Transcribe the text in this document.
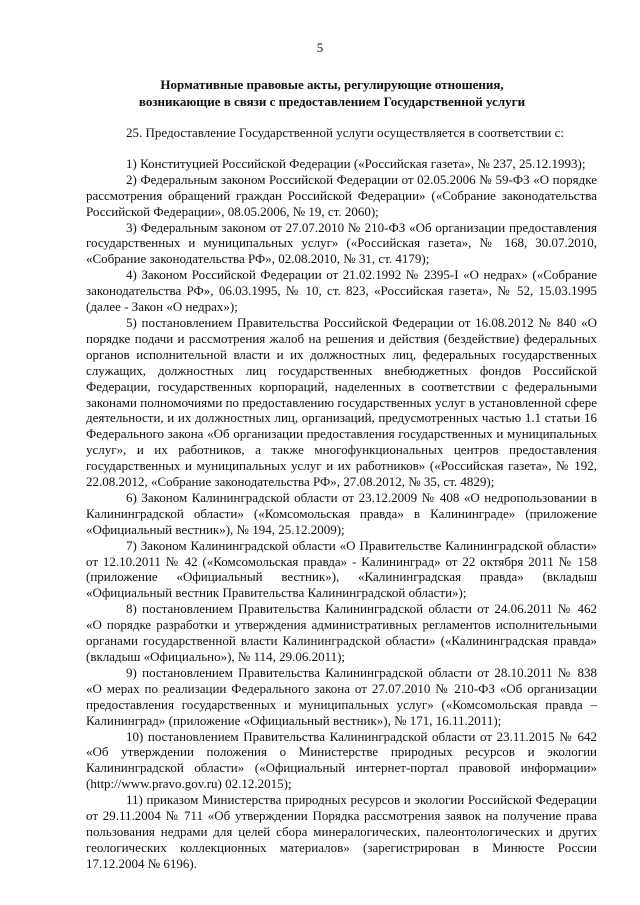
5
Нормативные правовые акты, регулирующие отношения,
возникающие в связи с предоставлением Государственной услуги

25. Предоставление Государственной услуги осуществляется в соответствии с:

1) Конституцией Российской Федерации («Российская газета», № 237, 25.12.1993);

2) Федеральным законом Российской Федерации от 02.05.2006 № 59-ФЗ «О порядке рассмотрения обращений граждан Российской Федерации» («Собрание законодательства Российской Федерации», 08.05.2006, № 19, ст. 2060);

3) Федеральным законом от 27.07.2010 № 210-ФЗ «Об организации предоставления государственных и муниципальных услуг» («Российская газета», № 168, 30.07.2010, «Собрание законодательства РФ», 02.08.2010, № 31, ст. 4179);

4) Законом Российской Федерации от 21.02.1992 № 2395-I «О недрах» («Собрание законодательства РФ», 06.03.1995, № 10, ст. 823, «Российская газета», № 52, 15.03.1995 (далее - Закон «О недрах»);

5) постановлением Правительства Российской Федерации от 16.08.2012 № 840 «О порядке подачи и рассмотрения жалоб на решения и действия (бездействие) федеральных органов исполнительной власти и их должностных лиц, федеральных государственных служащих, должностных лиц государственных внебюджетных фондов Российской Федерации, государственных корпораций, наделенных в соответствии с федеральными законами полномочиями по предоставлению государственных услуг в установленной сфере деятельности, и их должностных лиц, организаций, предусмотренных частью 1.1 статьи 16 Федерального закона «Об организации предоставления государственных и муниципальных услуг», и их работников, а также многофункциональных центров предоставления государственных и муниципальных услуг и их работников» («Российская газета», № 192, 22.08.2012, «Собрание законодательства РФ», 27.08.2012, № 35, ст. 4829);

6) Законом Калининградской области от 23.12.2009 № 408 «О недропользовании в Калининградской области» («Комсомольская правда» в Калининграде» (приложение «Официальный вестник»), № 194, 25.12.2009);

7) Законом Калининградской области «О Правительстве Калининградской области» от 12.10.2011 № 42 («Комсомольская правда» - Калининград» от 22 октября 2011 № 158 (приложение «Официальный вестник»), «Калининградская правда» (вкладыш «Официальный вестник Правительства Калининградской области»);

8) постановлением Правительства Калининградской области от 24.06.2011 № 462 «О порядке разработки и утверждения административных регламентов исполнительными органами государственной власти Калининградской области» («Калининградская правда» (вкладыш «Официально»), № 114, 29.06.2011);

9) постановлением Правительства Калининградской области от 28.10.2011 № 838 «О мерах по реализации Федерального закона от 27.07.2010 № 210-ФЗ «Об организации предоставления государственных и муниципальных услуг» («Комсомольская правда – Калининград» (приложение «Официальный вестник»), № 171, 16.11.2011);

10) постановлением Правительства Калининградской области от 23.11.2015 № 642 «Об утверждении положения о Министерстве природных ресурсов и экологии Калининградской области» («Официальный интернет-портал правовой информации» (http://www.pravo.gov.ru) 02.12.2015);

11) приказом Министерства природных ресурсов и экологии Российской Федерации от 29.11.2004 № 711 «Об утверждении Порядка рассмотрения заявок на получение права пользования недрами для целей сбора минералогических, палеонтологических и других геологических коллекционных материалов» (зарегистрирован в Минюсте России 17.12.2004 № 6196).
